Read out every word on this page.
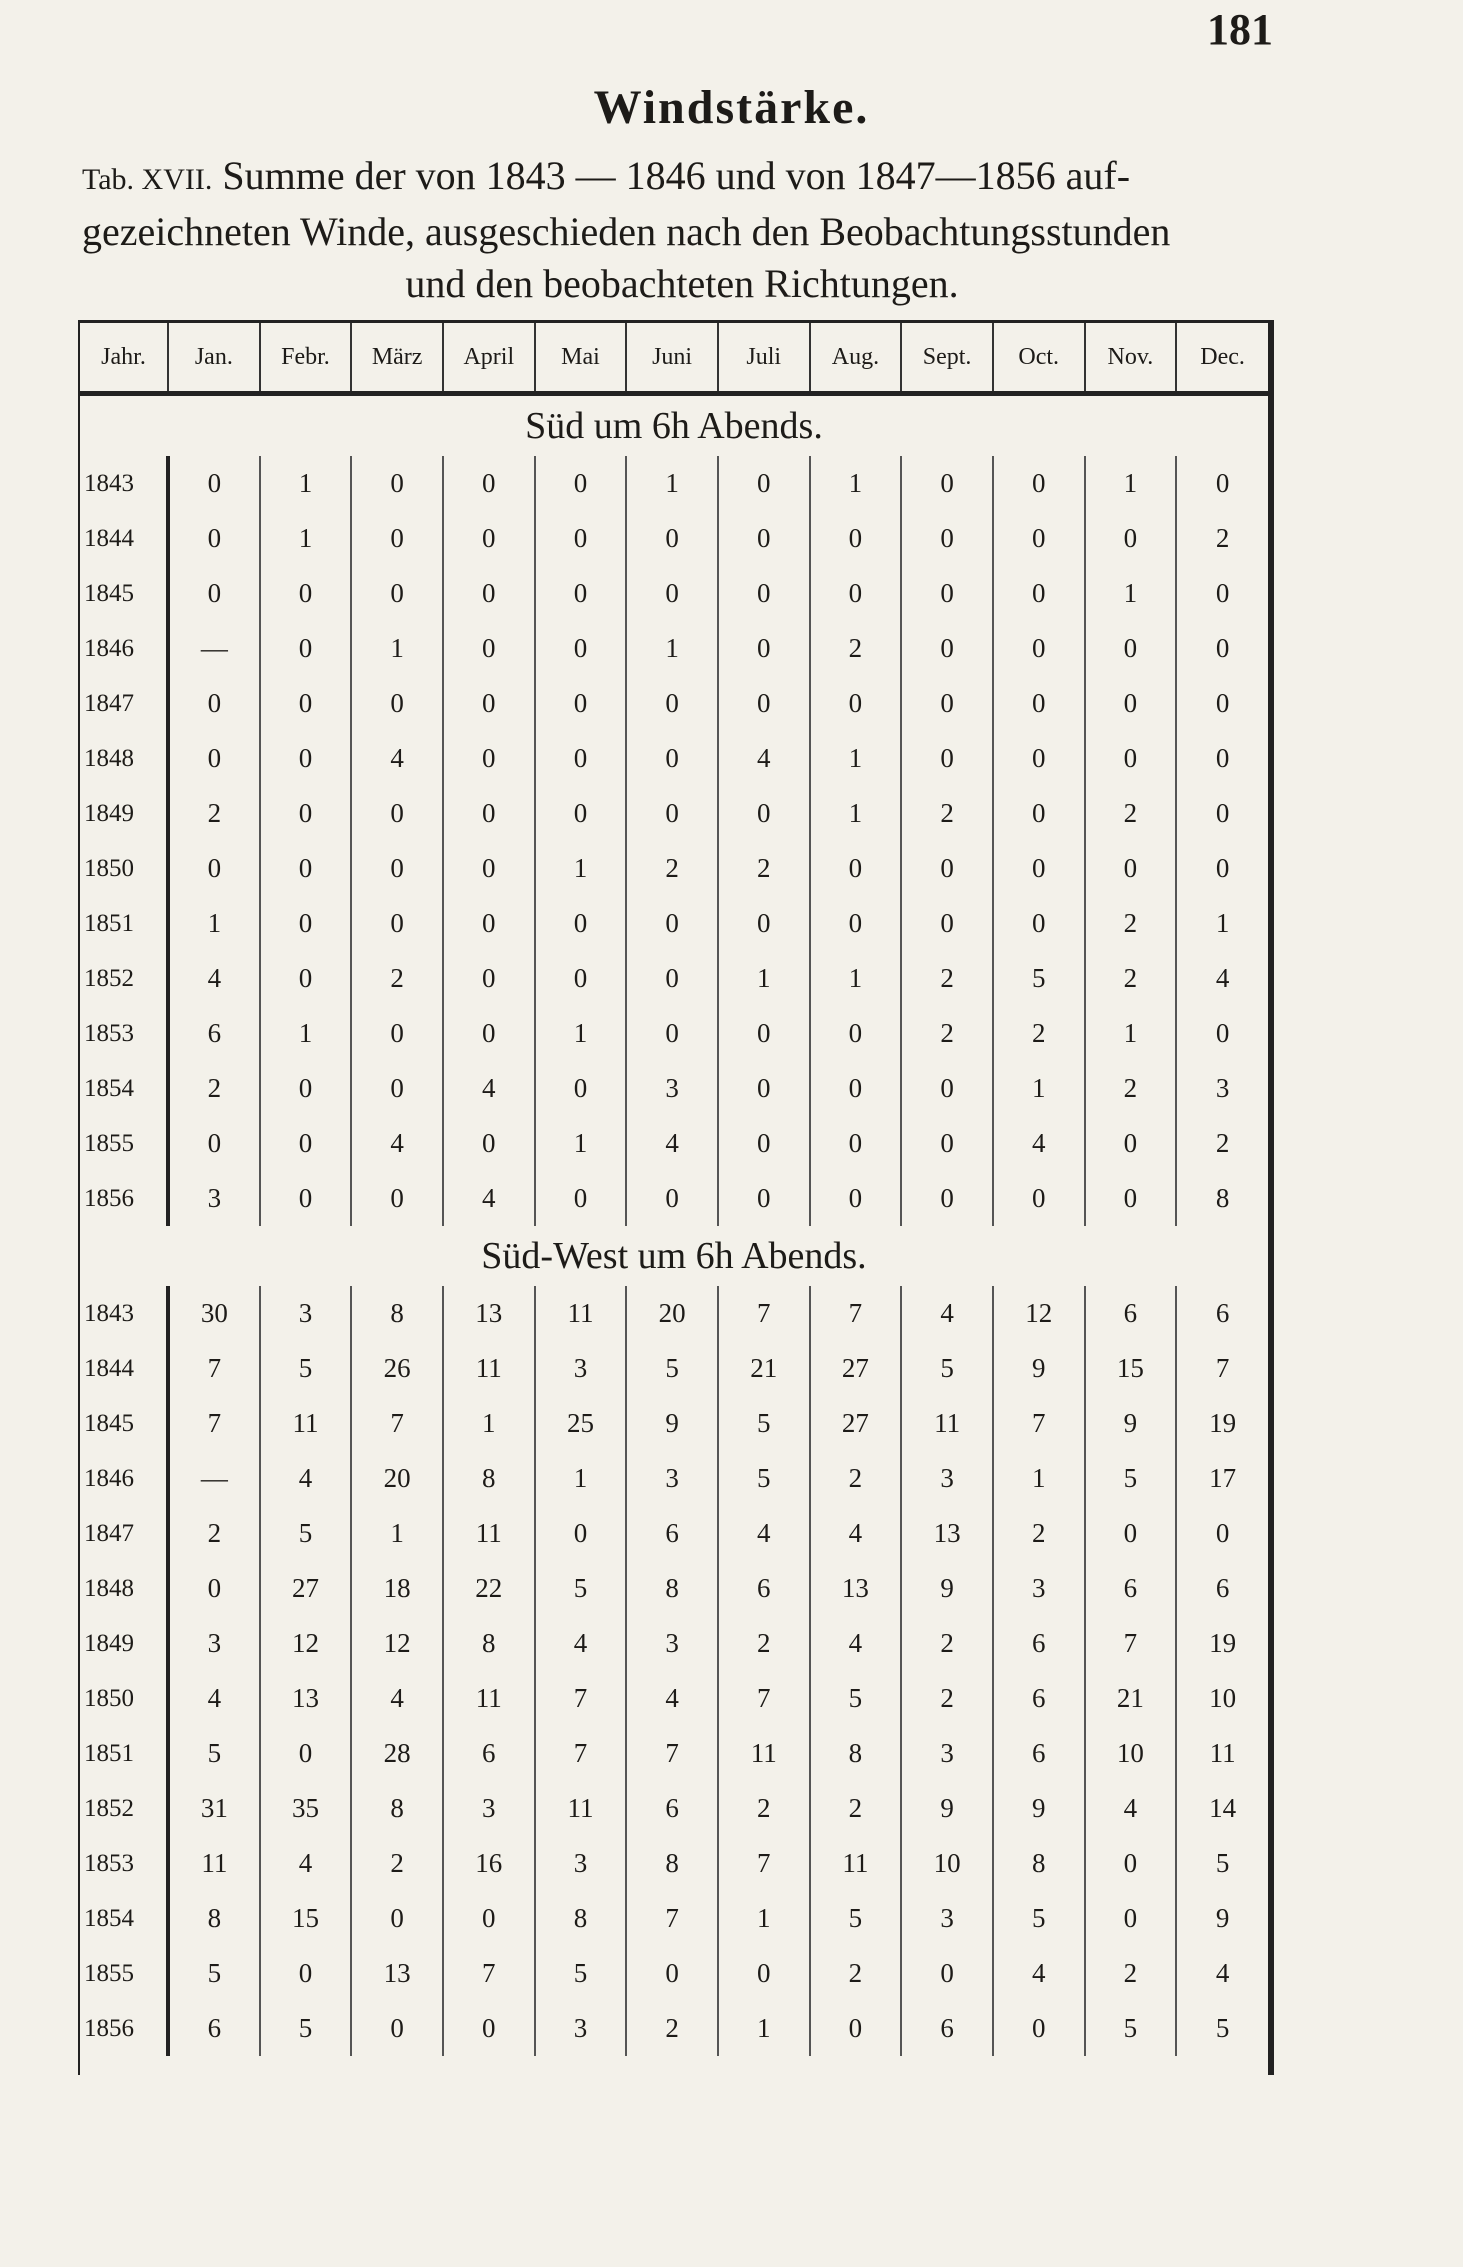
181
Windstärke.
Tab. XVII. Summe der von 1843 — 1846 und von 1847—1856 auf-
gezeichneten Winde, ausgeschieden nach den Beobachtungsstunden
und den beobachteten Richtungen.
Jahr.	Jan.	Febr.	März	April	Mai	Juni	Juli	Aug.	Sept.	Oct.	Nov.	Dec.
Süd um 6h Abends.												
1843	0	1	0	0	0	1	0	1	0	0	1	0
1844	0	1	0	0	0	0	0	0	0	0	0	2
1845	0	0	0	0	0	0	0	0	0	0	1	0
1846	—	0	1	0	0	1	0	2	0	0	0	0
1847	0	0	0	0	0	0	0	0	0	0	0	0
1848	0	0	4	0	0	0	4	1	0	0	0	0
1849	2	0	0	0	0	0	0	1	2	0	2	0
1850	0	0	0	0	1	2	2	0	0	0	0	0
1851	1	0	0	0	0	0	0	0	0	0	2	1
1852	4	0	2	0	0	0	1	1	2	5	2	4
1853	6	1	0	0	1	0	0	0	2	2	1	0
1854	2	0	0	4	0	3	0	0	0	1	2	3
1855	0	0	4	0	1	4	0	0	0	4	0	2
1856	3	0	0	4	0	0	0	0	0	0	0	8
Süd-West um 6h Abends.												
1843	30	3	8	13	11	20	7	7	4	12	6	6
1844	7	5	26	11	3	5	21	27	5	9	15	7
1845	7	11	7	1	25	9	5	27	11	7	9	19
1846	—	4	20	8	1	3	5	2	3	1	5	17
1847	2	5	1	11	0	6	4	4	13	2	0	0
1848	0	27	18	22	5	8	6	13	9	3	6	6
1849	3	12	12	8	4	3	2	4	2	6	7	19
1850	4	13	4	11	7	4	7	5	2	6	21	10
1851	5	0	28	6	7	7	11	8	3	6	10	11
1852	31	35	8	3	11	6	2	2	9	9	4	14
1853	11	4	2	16	3	8	7	11	10	8	0	5
1854	8	15	0	0	8	7	1	5	3	5	0	9
1855	5	0	13	7	5	0	0	2	0	4	2	4
1856	6	5	0	0	3	2	1	0	6	0	5	5
